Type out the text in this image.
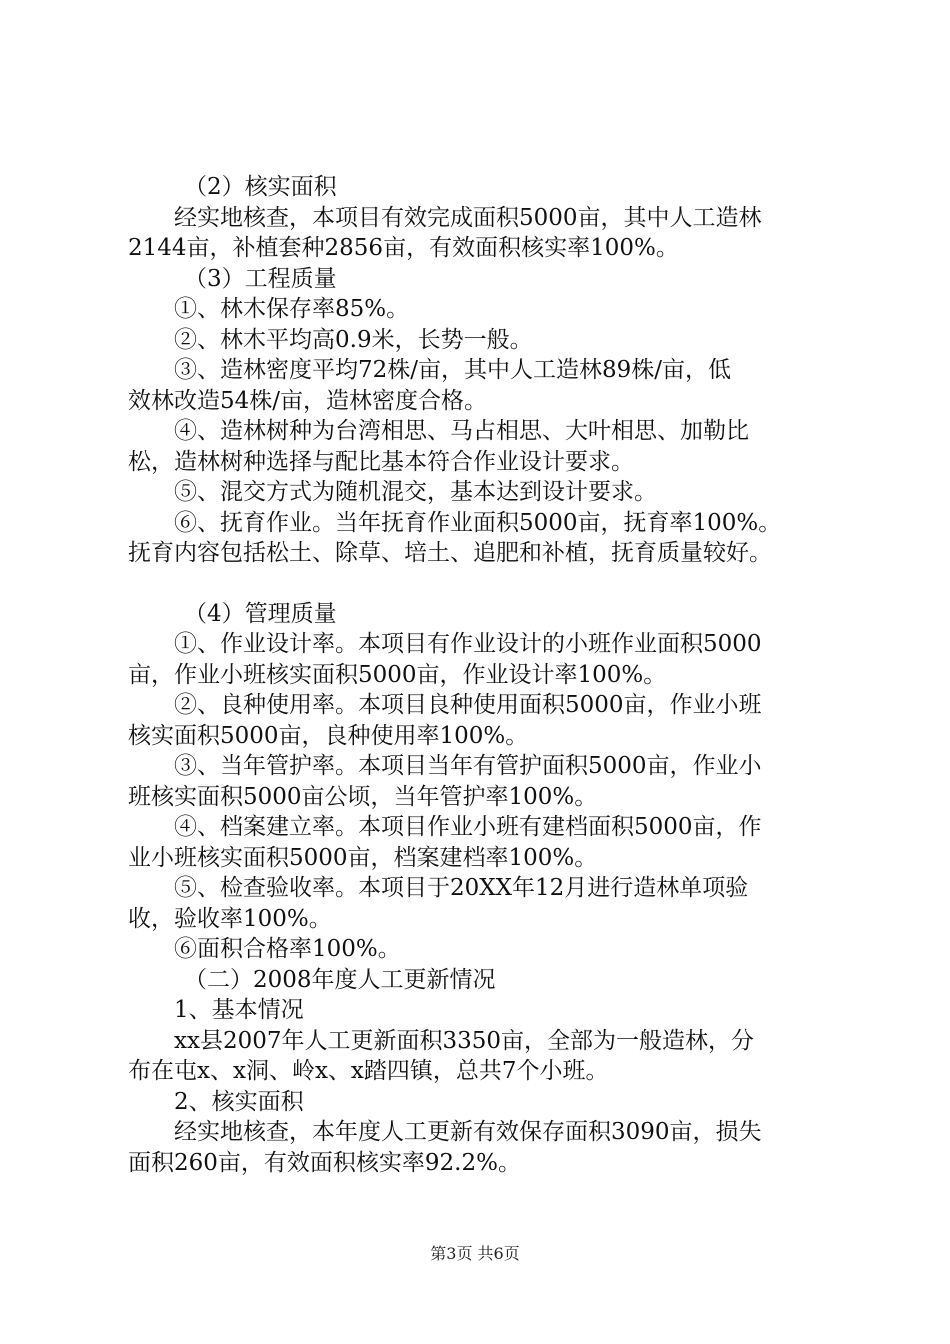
（2）核实面积
经实地核查，本项目有效完成面积5000亩，其中人工造林
2144亩，补植套种2856亩，有效面积核实率100%。
（3）工程质量
①、林木保存率85%。
②、林木平均高0.9米，长势一般。
③、造林密度平均72株/亩，其中人工造林89株/亩，低
效林改造54株/亩，造林密度合格。
④、造林树种为台湾相思、马占相思、大叶相思、加勒比
松，造林树种选择与配比基本符合作业设计要求。
⑤、混交方式为随机混交，基本达到设计要求。
⑥、抚育作业。当年抚育作业面积5000亩，抚育率100%。
抚育内容包括松土、除草、培土、追肥和补植，抚育质量较好。
（4）管理质量
①、作业设计率。本项目有作业设计的小班作业面积5000
亩，作业小班核实面积5000亩，作业设计率100%。
②、良种使用率。本项目良种使用面积5000亩，作业小班
核实面积5000亩，良种使用率100%。
③、当年管护率。本项目当年有管护面积5000亩，作业小
班核实面积5000亩公顷，当年管护率100%。
④、档案建立率。本项目作业小班有建档面积5000亩，作
业小班核实面积5000亩，档案建档率100%。
⑤、检查验收率。本项目于20XX年12月进行造林单项验
收，验收率100%。
⑥面积合格率100%。
（二）2008年度人工更新情况
1、基本情况
xx县2007年人工更新面积3350亩，全部为一般造林，分
布在屯x、x洞、岭x、x踏四镇，总共7个小班。
2、核实面积
经实地核查，本年度人工更新有效保存面积3090亩，损失
面积260亩，有效面积核实率92.2%。
第3页 共6页
